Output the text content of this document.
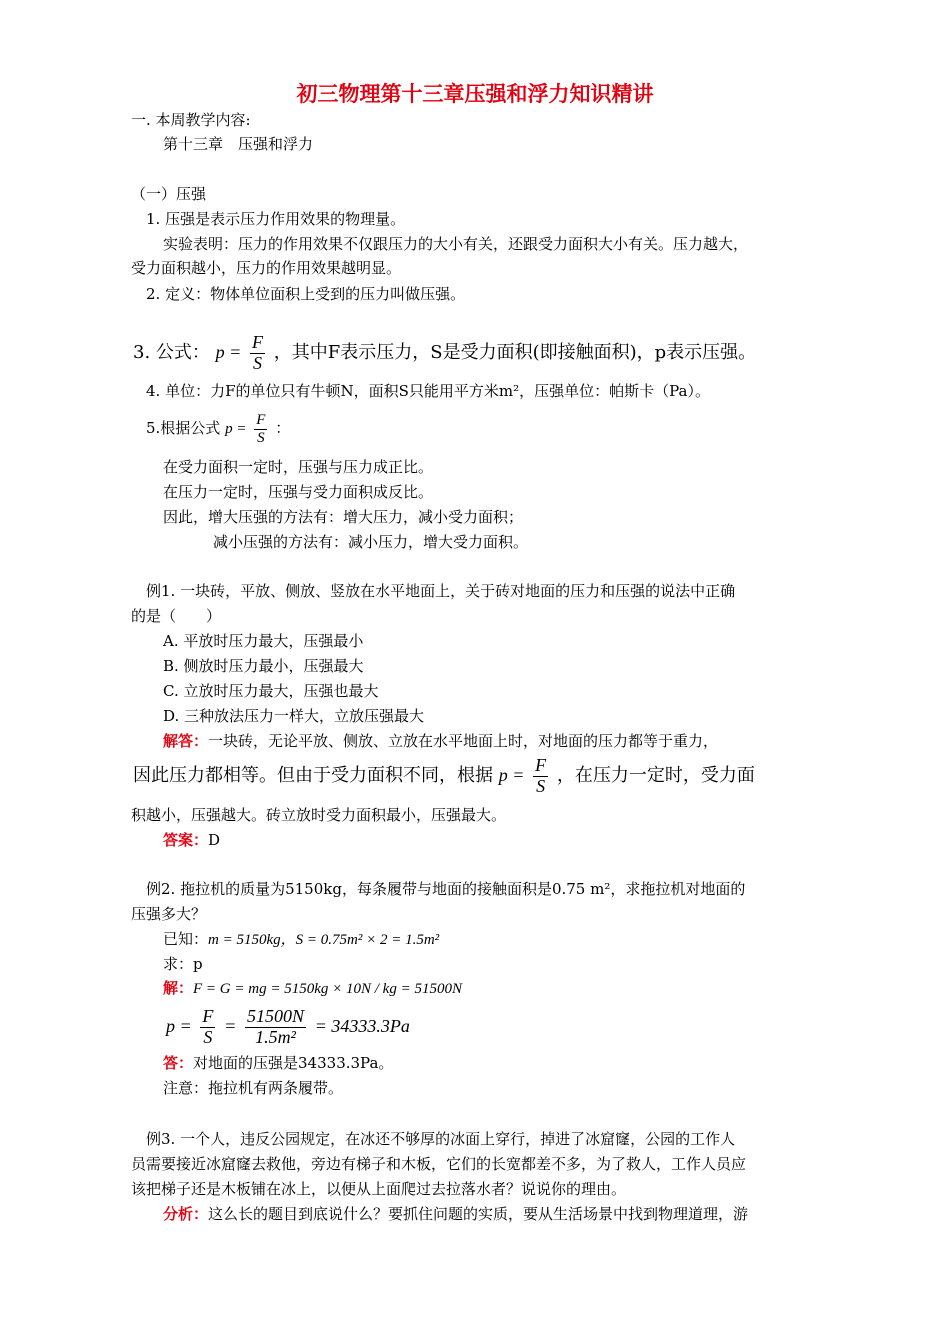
初三物理第十三章压强和浮力知识精讲
一. 本周教学内容:
第十三章　压强和浮力
（一）压强
1. 压强是表示压力作用效果的物理量。
实验表明：压力的作用效果不仅跟压力的大小有关，还跟受力面积大小有关。压力越大，
受力面积越小，压力的作用效果越明显。
2. 定义：物体单位面积上受到的压力叫做压强。
3. 公式： $p = \frac{F}{S}$ ，其中F表示压力，S是受力面积(即接触面积)，p表示压强。
4. 单位：力F的单位只有牛顿N，面积S只能用平方米m²，压强单位：帕斯卡（Pa）。
5.根据公式 $p = \frac{F}{S}$ ：
在受力面积一定时，压强与压力成正比。
在压力一定时，压强与受力面积成反比。
因此，增大压强的方法有：增大压力，减小受力面积；
减小压强的方法有：减小压力，增大受力面积。
例1. 一块砖，平放、侧放、竖放在水平地面上，关于砖对地面的压力和压强的说法中正确
的是（　　）
A. 平放时压力最大，压强最小
B. 侧放时压力最小，压强最大
C. 立放时压力最大，压强也最大
D. 三种放法压力一样大，立放压强最大
解答：一块砖，无论平放、侧放、立放在水平地面上时，对地面的压力都等于重力，
因此压力都相等。但由于受力面积不同，根据 $p = \frac{F}{S}$ ，在压力一定时，受力面
积越小，压强越大。砖立放时受力面积最小，压强最大。
答案：D
例2. 拖拉机的质量为5150kg，每条履带与地面的接触面积是0.75 m²，求拖拉机对地面的
压强多大？
已知：m = 5150kg，S = 0.75m² × 2 = 1.5m²
求：p
解：F = G = mg = 5150kg × 10N / kg = 51500N
$p = \frac{F}{S} = \frac{51500N}{\text{1.5m²}} = 34333.3Pa$
答：对地面的压强是34333.3Pa。
注意：拖拉机有两条履带。
例3. 一个人，违反公园规定，在冰还不够厚的冰面上穿行，掉进了冰窟窿，公园的工作人
员需要接近冰窟窿去救他，旁边有梯子和木板，它们的长宽都差不多，为了救人，工作人员应
该把梯子还是木板铺在冰上，以便从上面爬过去拉落水者？说说你的理由。
分析：这么长的题目到底说什么？要抓住问题的实质，要从生活场景中找到物理道理，游
